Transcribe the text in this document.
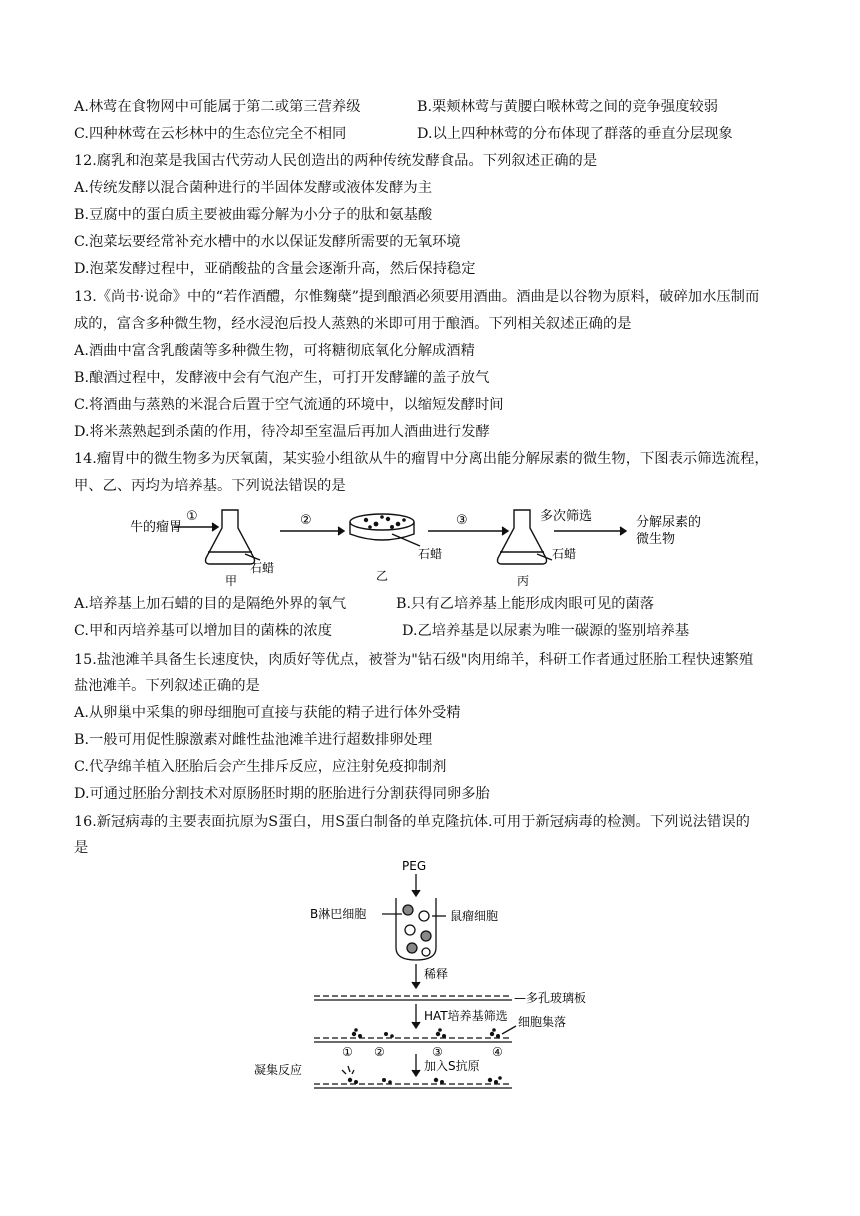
A.林莺在食物网中可能属于第二或第三营养级	B.栗颊林莺与黄腰白喉林莺之间的竞争强度较弱
C.四种林莺在云杉林中的生态位完全不相同	D.以上四种林莺的分布体现了群落的垂直分层现象
12.腐乳和泡菜是我国古代劳动人民创造出的两种传统发酵食品。下列叙述正确的是
A.传统发酵以混合菌种进行的半固体发酵或液体发酵为主
B.豆腐中的蛋白质主要被曲霉分解为小分子的肽和氨基酸
C.泡菜坛要经常补充水槽中的水以保证发酵所需要的无氧环境
D.泡菜发酵过程中，亚硝酸盐的含量会逐渐升高，然后保持稳定
13.《尚书·说命》中的“若作酒醴，尔惟麴蘖”提到酿酒必须要用酒曲。酒曲是以谷物为原料，破碎加水压制而
成的，富含多种微生物，经水浸泡后投人蒸熟的米即可用于酿酒。下列相关叙述正确的是
A.酒曲中富含乳酸菌等多种微生物，可将糖彻底氧化分解成酒精
B.酿酒过程中，发酵液中会有气泡产生，可打开发酵罐的盖子放气
C.将酒曲与蒸熟的米混合后置于空气流通的环境中，以缩短发酵时间
D.将米蒸熟起到杀菌的作用，待冷却至室温后再加人酒曲进行发酵
14.瘤胃中的微生物多为厌氧菌，某实验小组欲从牛的瘤胃中分离出能分解尿素的微生物，下图表示筛选流程，
甲、乙、丙均为培养基。下列说法错误的是
牛的瘤胃
①	②	③
石蜡
石蜡	石蜡
甲	乙	丙
多次筛选	分解尿素的
微生物
A.培养基上加石蜡的目的是隔绝外界的氧气	B.只有乙培养基上能形成肉眼可见的菌落
C.甲和丙培养基可以增加目的菌株的浓度	D.乙培养基是以尿素为唯一碳源的鉴别培养基
15.盐池滩羊具备生长速度快，肉质好等优点，被誉为"钻石级"肉用绵羊，科研工作者通过胚胎工程快速繁殖
盐池滩羊。下列叙述正确的是
A.从卵巢中采集的卵母细胞可直接与获能的精子进行体外受精
B.一般可用促性腺激素对雌性盐池滩羊进行超数排卵处理
C.代孕绵羊植入胚胎后会产生排斥反应，应注射免疫抑制剂
D.可通过胚胎分割技术对原肠胚时期的胚胎进行分割获得同卵多胎
16.新冠病毒的主要表面抗原为S蛋白，用S蛋白制备的单克隆抗体.可用于新冠病毒的检测。下列说法错误的
是
PEG
B淋巴细胞	鼠瘤细胞
稀释
—多孔玻璃板
HAT培养基筛选 细胞集落
① ②	③	④
加入S抗原
凝集反应
